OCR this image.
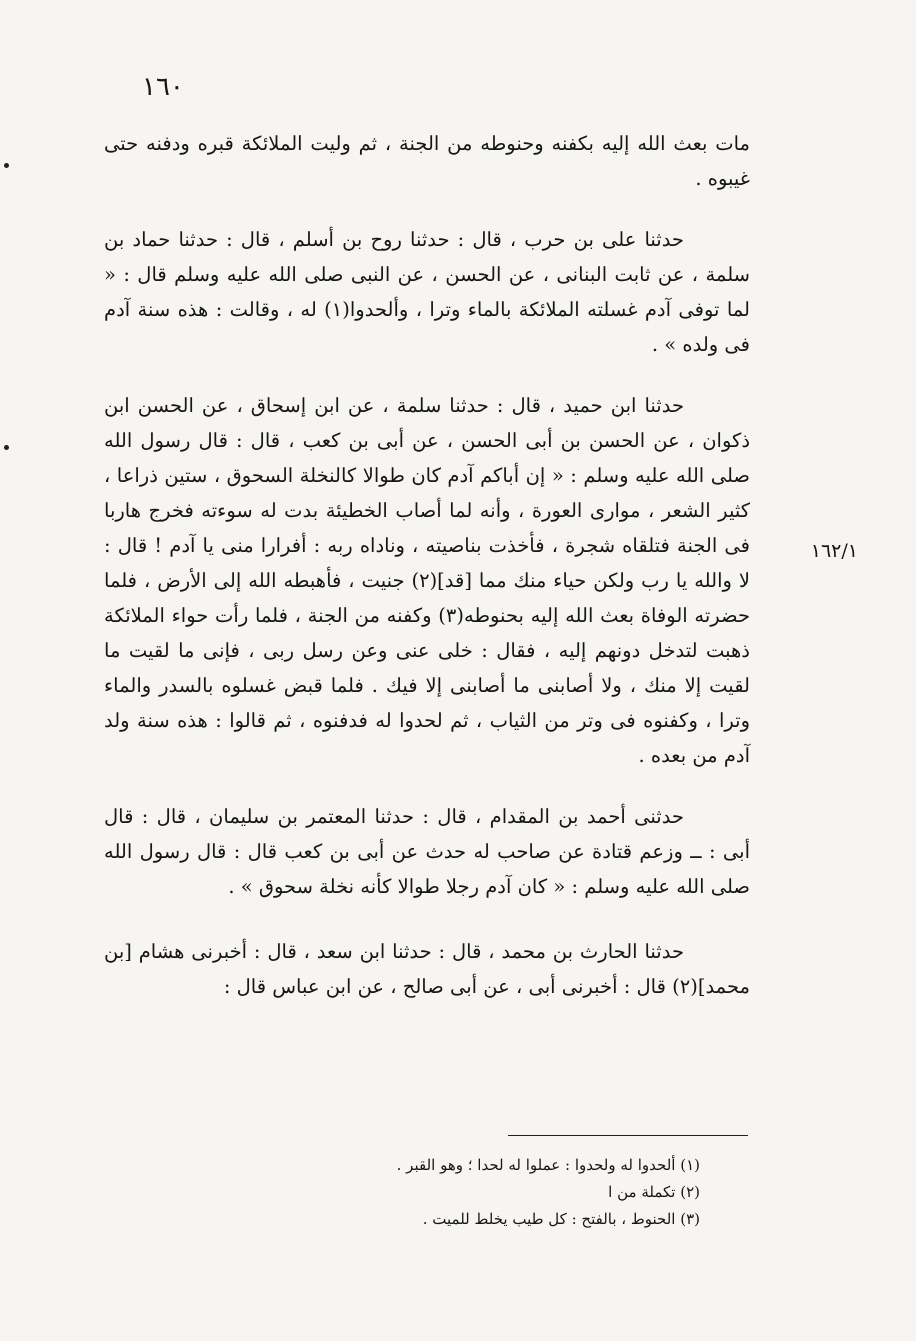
١٦٠

مات بعث الله إليه بكفنه وحنوطه من الجنة ، ثم وليت الملائكة قبره ودفنه حتى غيبوه .

حدثنا على بن حرب ، قال : حدثنا روح بن أسلم ، قال : حدثنا حماد بن سلمة ، عن ثابت البنانى ، عن الحسن ، عن النبى صلى الله عليه وسلم قال : « لما توفى آدم غسلته الملائكة بالماء وترا ، وألحدوا(١) له ، وقالت : هذه سنة آدم فى ولده » .

حدثنا ابن حميد ، قال : حدثنا سلمة ، عن ابن إسحاق ، عن الحسن ابن ذكوان ، عن الحسن بن أبى الحسن ، عن أبى بن كعب ، قال : قال رسول الله صلى الله عليه وسلم : « إن أباكم آدم كان طوالا كالنخلة السحوق ، ستين ذراعا ، كثير الشعر ، موارى العورة ، وأنه لما أصاب الخطيئة بدت له سوءته فخرج هاربا فى الجنة فتلقاه شجرة ، فأخذت بناصيته ، وناداه ربه : أفرارا منى يا آدم ! قال : لا والله يا رب ولكن حياء منك مما [قد](٢) جنيت ، فأهبطه الله إلى الأرض ، فلما حضرته الوفاة بعث الله إليه بحنوطه(٣) وكفنه من الجنة ، فلما رأت حواء الملائكة ذهبت لتدخل دونهم إليه ، فقال : خلى عنى وعن رسل ربى ، فإنى ما لقيت ما لقيت إلا منك ، ولا أصابنى ما أصابنى إلا فيك . فلما قبض غسلوه بالسدر والماء وترا ، وكفنوه فى وتر من الثياب ، ثم لحدوا له فدفنوه ، ثم قالوا : هذه سنة ولد آدم من بعده .

حدثنى أحمد بن المقدام ، قال : حدثنا المعتمر بن سليمان ، قال : قال أبى : ــ وزعم قتادة عن صاحب له حدث عن أبى بن كعب قال : قال رسول الله صلى الله عليه وسلم : « كان آدم رجلا طوالا كأنه نخلة سحوق » .

حدثنا الحارث بن محمد ، قال : حدثنا ابن سعد ، قال : أخبرنى هشام [بن محمد](٢) قال : أخبرنى أبى ، عن أبى صالح ، عن ابن عباس قال :

١٦٢/١
(١) ألحدوا له ولحدوا : عملوا له لحدا ؛ وهو القبر .
(٢) تكملة من ا
(٣) الحنوط ، بالفتح : كل طيب يخلط للميت .
